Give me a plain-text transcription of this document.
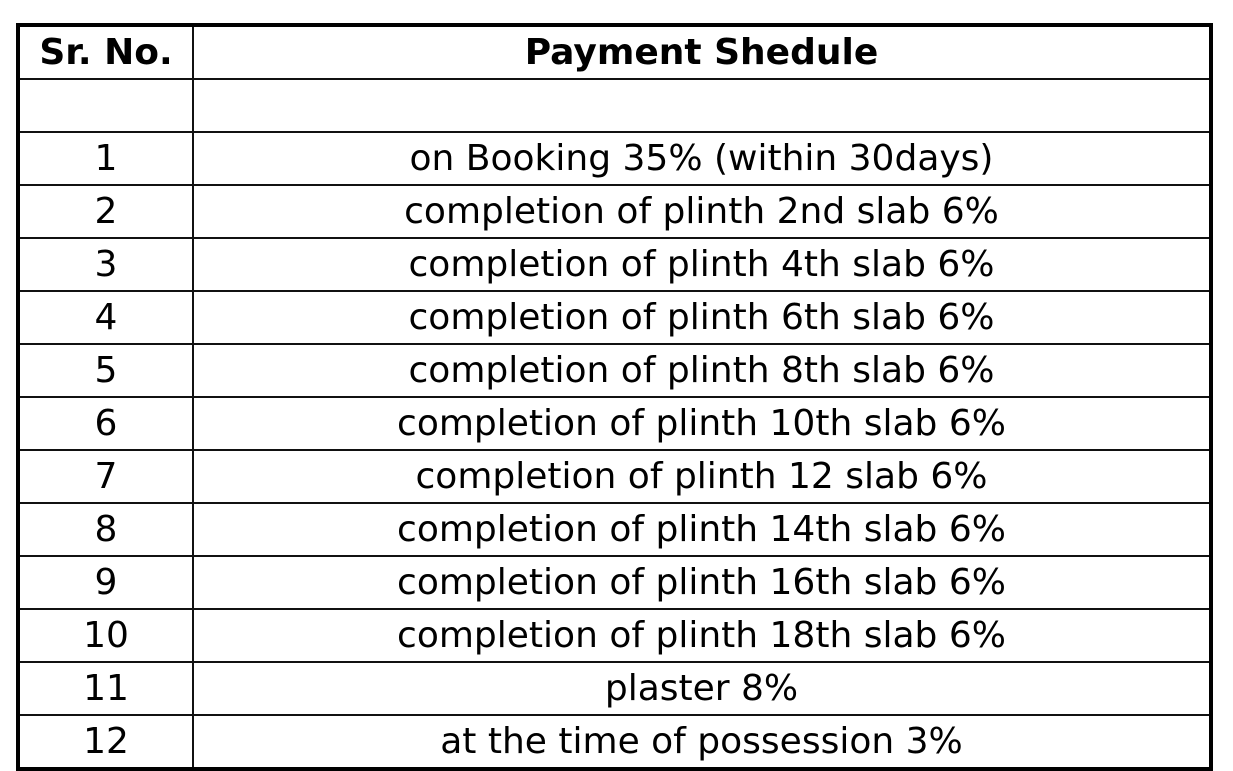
Sr. No.	Payment Shedule

1	on Booking 35% (within 30days)
2	completion of plinth 2nd slab 6%
3	completion of plinth 4th slab 6%
4	completion of plinth 6th slab 6%
5	completion of plinth 8th slab 6%
6	completion of plinth 10th slab 6%
7	completion of plinth 12 slab 6%
8	completion of plinth 14th slab 6%
9	completion of plinth 16th slab 6%
10	completion of plinth 18th slab 6%
11	plaster 8%
12	at the time of possession 3%
